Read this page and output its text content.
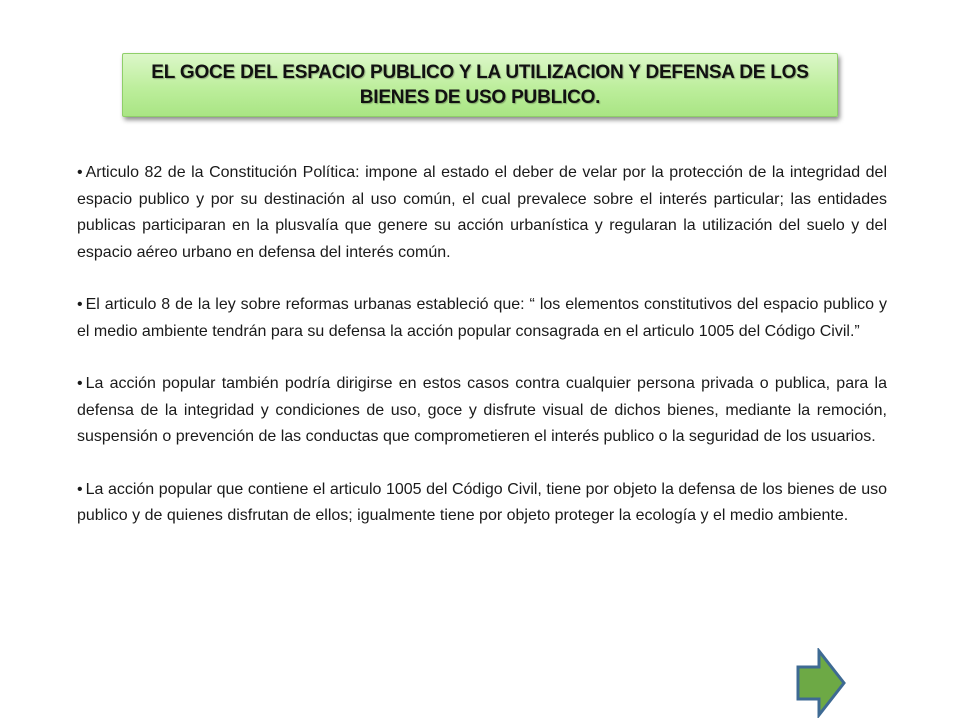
EL GOCE DEL ESPACIO PUBLICO Y LA UTILIZACION Y DEFENSA DE LOS BIENES DE USO PUBLICO.

• Articulo 82 de la Constitución Política: impone al estado el deber de velar por la protección de la integridad del espacio publico y por su destinación al uso común, el cual prevalece sobre el interés particular; las entidades publicas participaran en la plusvalía que genere su acción urbanística y regularan la utilización del suelo y del espacio aéreo urbano en defensa del interés común.

• El articulo 8 de la ley sobre reformas urbanas estableció que: “ los elementos constitutivos del espacio publico y el medio ambiente tendrán para su defensa la acción popular consagrada en el articulo 1005 del Código Civil.”

• La acción popular también podría dirigirse en estos casos contra cualquier persona privada o publica, para la defensa de la integridad y condiciones de uso, goce y disfrute visual de dichos bienes, mediante la remoción, suspensión o prevención de las conductas que comprometieren el interés publico o la seguridad de los usuarios.

• La acción popular que contiene el articulo 1005 del Código Civil, tiene por objeto la defensa de los bienes de uso publico y de quienes disfrutan de ellos; igualmente tiene por objeto proteger la ecología y el medio ambiente.
